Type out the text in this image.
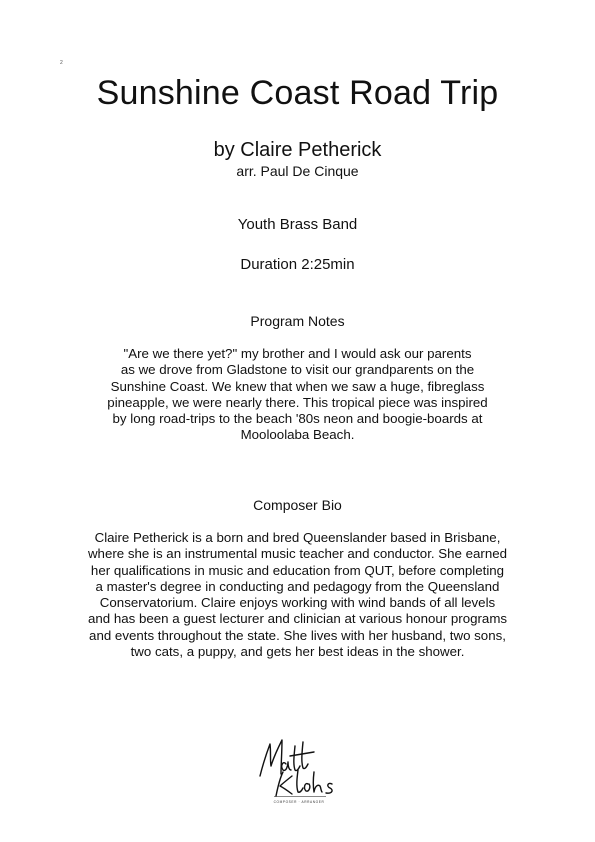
2
Sunshine Coast Road Trip
by Claire Petherick
arr. Paul De Cinque
Youth Brass Band
Duration 2:25min
Program Notes

"Are we there yet?" my brother and I would ask our parents
as we drove from Gladstone to visit our grandparents on the
Sunshine Coast. We knew that when we saw a huge, fibreglass
pineapple, we were nearly there. This tropical piece was inspired
by long road-trips to the beach '80s neon and boogie-boards at
Mooloolaba Beach.

Composer Bio

Claire Petherick is a born and bred Queenslander based in Brisbane,
where she is an instrumental music teacher and conductor. She earned
her qualifications in music and education from QUT, before completing
a master's degree in conducting and pedagogy from the Queensland
Conservatorium. Claire enjoys working with wind bands of all levels
and has been a guest lecturer and clinician at various honour programs
and events throughout the state. She lives with her husband, two sons,
two cats, a puppy, and gets her best ideas in the shower.

COMPOSER · ARRANGER
